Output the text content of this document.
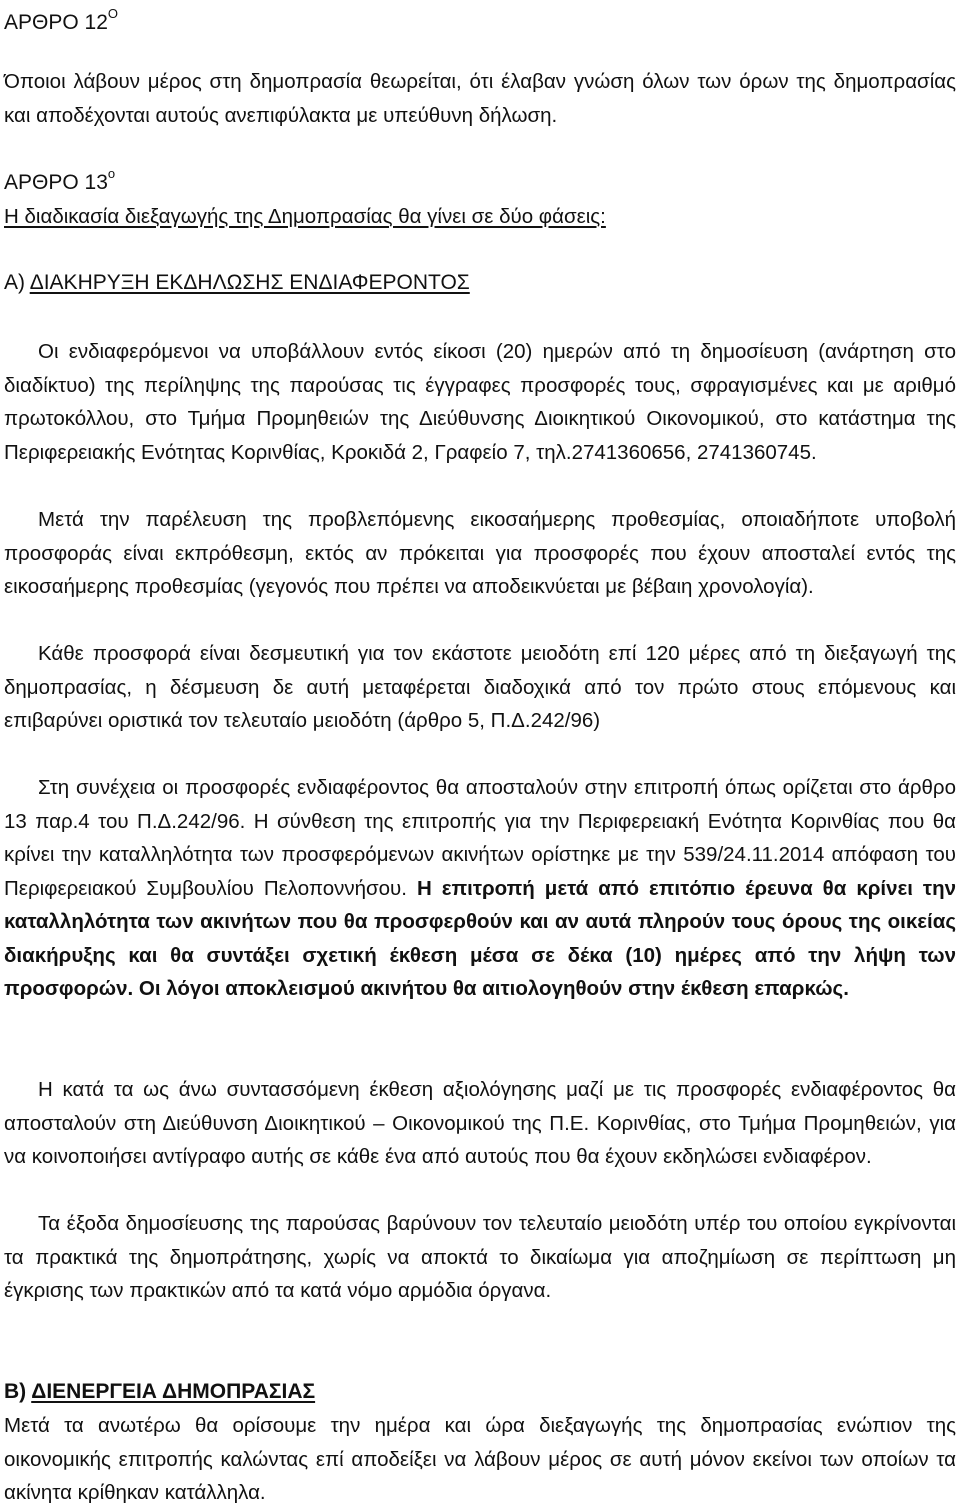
ΑΡΘΡΟ $12^O$

Όποιοι λάβουν μέρος στη δημοπρασία θεωρείται, ότι έλαβαν γνώση όλων των όρων της δημοπρασίας και αποδέχονται αυτούς ανεπιφύλακτα με υπεύθυνη δήλωση.

ΑΡΘΡΟ $13^o$

Η διαδικασία διεξαγωγής της Δημοπρασίας θα γίνει σε δύο φάσεις:

Α) ΔΙΑΚΗΡΥΞΗ ΕΚΔΗΛΩΣΗΣ ΕΝΔΙΑΦΕΡΟΝΤΟΣ

Οι ενδιαφερόμενοι να υποβάλλουν εντός είκοσι (20) ημερών από τη δημοσίευση (ανάρτηση στο διαδίκτυο) της περίληψης της παρούσας τις έγγραφες προσφορές τους, σφραγισμένες και με αριθμό πρωτοκόλλου, στο Τμήμα Προμηθειών της Διεύθυνσης Διοικητικού Οικονομικού, στο κατάστημα της Περιφερειακής Ενότητας Κορινθίας, Κροκιδά 2, Γραφείο 7, τηλ.2741360656, 2741360745.

Μετά την παρέλευση της προβλεπόμενης εικοσαήμερης προθεσμίας, οποιαδήποτε υποβολή προσφοράς είναι εκπρόθεσμη, εκτός αν πρόκειται για προσφορές που έχουν αποσταλεί εντός της εικοσαήμερης προθεσμίας (γεγονός που πρέπει να αποδεικνύεται με βέβαιη χρονολογία).

Κάθε προσφορά είναι δεσμευτική για τον εκάστοτε μειοδότη επί 120 μέρες από τη διεξαγωγή της δημοπρασίας, η δέσμευση δε αυτή μεταφέρεται διαδοχικά από τον πρώτο στους επόμενους και επιβαρύνει οριστικά τον τελευταίο μειοδότη (άρθρο 5, Π.Δ.242/96)

Στη συνέχεια οι προσφορές ενδιαφέροντος θα αποσταλούν στην επιτροπή όπως ορίζεται στο άρθρο 13 παρ.4 του Π.Δ.242/96. Η σύνθεση της επιτροπής για την Περιφερειακή Ενότητα Κορινθίας που θα κρίνει την καταλληλότητα των προσφερόμενων ακινήτων ορίστηκε με την 539/24.11.2014 απόφαση του Περιφερειακού Συμβουλίου Πελοποννήσου. Η επιτροπή μετά από επιτόπιο έρευνα θα κρίνει την καταλληλότητα των ακινήτων που θα προσφερθούν και αν αυτά πληρούν τους όρους της οικείας διακήρυξης και θα συντάξει σχετική έκθεση μέσα σε δέκα (10) ημέρες από την λήψη των προσφορών. Οι λόγοι αποκλεισμού ακινήτου θα αιτιολογηθούν στην έκθεση επαρκώς.

Η κατά τα ως άνω συντασσόμενη έκθεση αξιολόγησης μαζί με τις προσφορές ενδιαφέροντος θα αποσταλούν στη Διεύθυνση Διοικητικού – Οικονομικού της Π.Ε. Κορινθίας, στο Τμήμα Προμηθειών, για να κοινοποιήσει αντίγραφο αυτής σε κάθε ένα από αυτούς που θα έχουν εκδηλώσει ενδιαφέρον.

Τα έξοδα δημοσίευσης της παρούσας βαρύνουν τον τελευταίο μειοδότη υπέρ του οποίου εγκρίνονται τα πρακτικά της δημοπράτησης, χωρίς να αποκτά το δικαίωμα για αποζημίωση σε περίπτωση μη έγκρισης των πρακτικών από τα κατά νόμο αρμόδια όργανα.

Β) ΔΙΕΝΕΡΓΕΙΑ ΔΗΜΟΠΡΑΣΙΑΣ

Μετά τα ανωτέρω θα ορίσουμε την ημέρα και ώρα διεξαγωγής της δημοπρασίας ενώπιον της οικονομικής επιτροπής καλώντας επί αποδείξει να λάβουν μέρος σε αυτή μόνον εκείνοι των οποίων τα ακίνητα κρίθηκαν κατάλληλα.
